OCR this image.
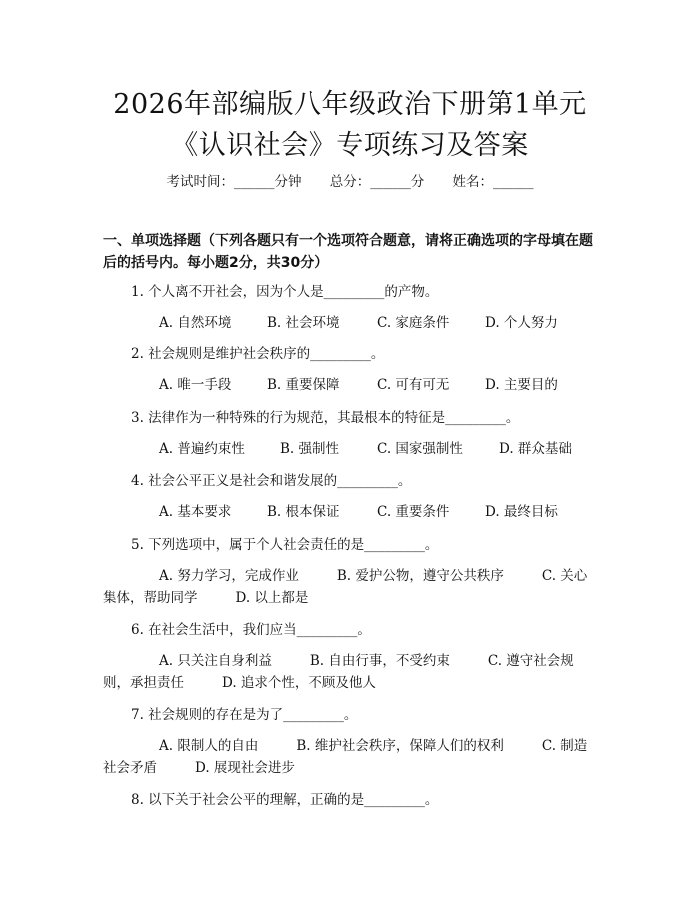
2026年部编版八年级政治下册第1单元《认识社会》专项练习及答案
考试时间：______分钟 总分：______分 姓名：______
一、单项选择题（下列各题只有一个选项符合题意，请将正确选项的字母填在题后的括号内。每小题2分，共30分）
1. 个人离不开社会，因为个人是_________的产物。
A. 自然环境	B. 社会环境	C. 家庭条件	D. 个人努力
2. 社会规则是维护社会秩序的_________。
A. 唯一手段	B. 重要保障	C. 可有可无	D. 主要目的
3. 法律作为一种特殊的行为规范，其最根本的特征是_________。
A. 普遍约束性	B. 强制性	C. 国家强制性	D. 群众基础
4. 社会公平正义是社会和谐发展的_________。
A. 基本要求	B. 根本保证	C. 重要条件	D. 最终目标
5. 下列选项中，属于个人社会责任的是_________。
A. 努力学习，完成作业	B. 爱护公物，遵守公共秩序	C. 关心集体，帮助同学	D. 以上都是
6. 在社会生活中，我们应当_________。
A. 只关注自身利益	B. 自由行事，不受约束	C. 遵守社会规则，承担责任	D. 追求个性，不顾及他人
7. 社会规则的存在是为了_________。
A. 限制人的自由	B. 维护社会秩序，保障人们的权利	C. 制造社会矛盾	D. 展现社会进步
8. 以下关于社会公平的理解，正确的是_________。
